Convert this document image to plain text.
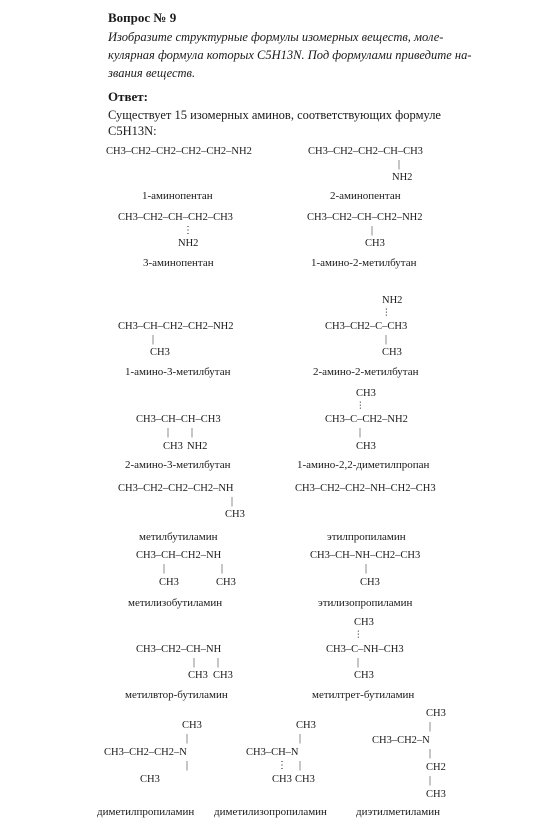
Вопрос № 9
Изобразите структурные формулы изомерных веществ, моле-кулярная формула которых C5H13N. Под формулами приведите на-звания веществ.
Ответ:
Существует 15 изомерных аминов, соответствующих формуле C5H13N:
CH3–CH2–CH2–CH2–CH2–NH2
1-аминопентан
CH3–CH2–CH2–CH–CH3
|
NH2
2-аминопентан
CH3–CH2–CH–CH2–CH3
⋮
NH2
3-аминопентан
CH3–CH2–CH–CH2–NH2
|
CH3
1-амино-2-метилбутан
CH3–CH–CH2–CH2–NH2
|
CH3
1-амино-3-метилбутан
NH2
⫶
CH3–CH2–C–CH3
|
CH3
2-амино-2-метилбутан
CH3–CH–CH–CH3
| |
CH3 NH2
2-амино-3-метилбутан
CH3
⫶
CH3–C–CH2–NH2
|
CH3
1-амино-2,2-диметилпропан
CH3–CH2–CH2–CH2–NH
|
CH3
метилбутиламин
CH3–CH2–CH2–NH–CH2–CH3
этилпропиламин
CH3–CH–CH2–NH
|	|
CH3	CH3
метилизобутиламин
CH3–CH–NH–CH2–CH3
|
CH3
этилизопропиламин
CH3–CH2–CH–NH
| |
CH3 CH3
метилвтор-бутиламин
CH3
⫶
CH3–C–NH–CH3
|
CH3
метилтрет-бутиламин
CH3
|
CH3–CH2–CH2–N
|
CH3
диметилпропиламин
CH3
|
CH3–CH–N
⋮ |
CH3 CH3
диметилизопропиламин
CH3
|
CH3–CH2–N
|
CH2
|
CH3
диэтилметиламин
